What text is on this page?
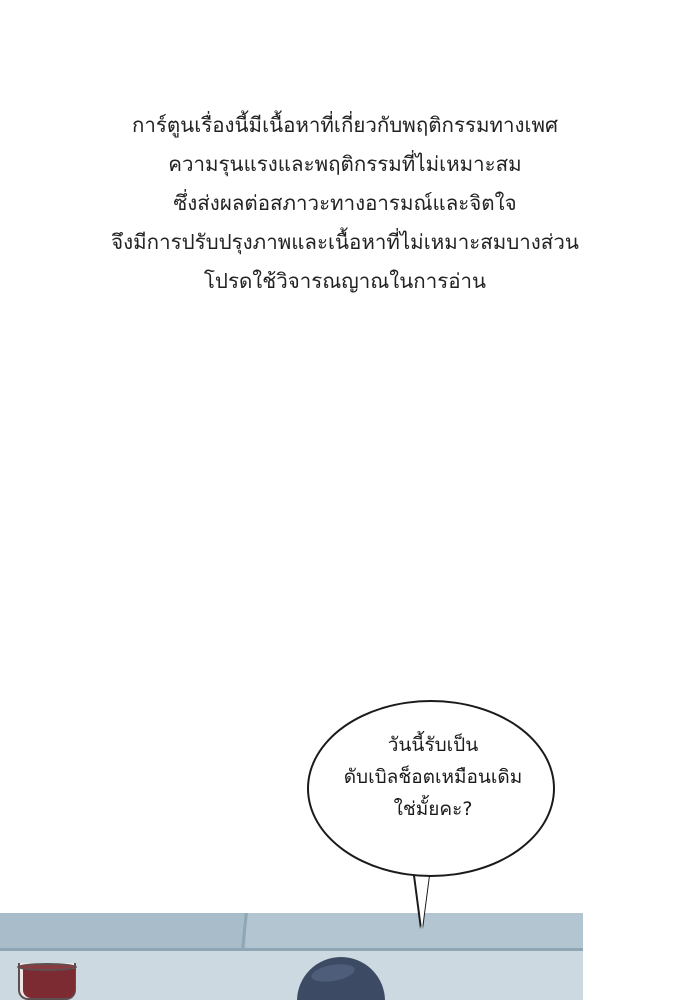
การ์ตูนเรื่องนี้มีเนื้อหาที่เกี่ยวกับพฤติกรรมทางเพศ
ความรุนแรงและพฤติกรรมที่ไม่เหมาะสม
ซึ่งส่งผลต่อสภาวะทางอารมณ์และจิตใจ
จึงมีการปรับปรุงภาพและเนื้อหาที่ไม่เหมาะสมบางส่วน
โปรดใช้วิจารณญาณในการอ่าน
วันนี้รับเป็น
ดับเบิลช็อตเหมือนเดิม
ใช่มั้ยคะ?
